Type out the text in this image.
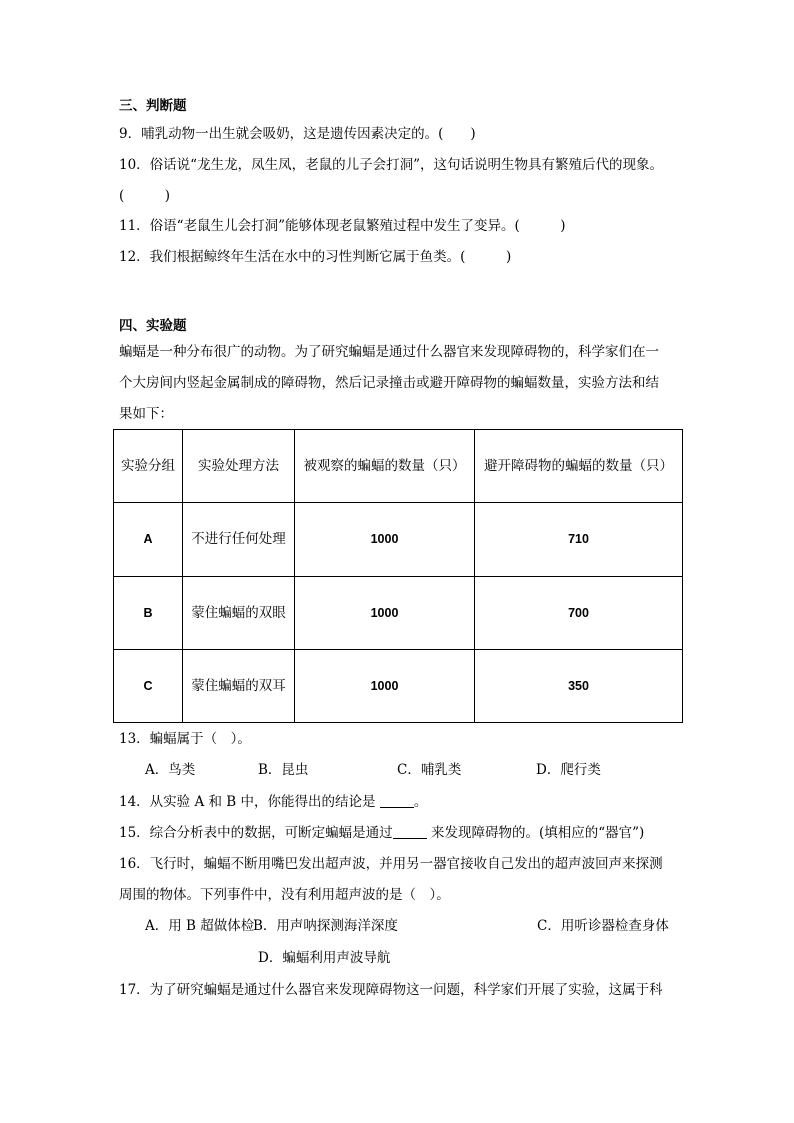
三、判断题
9．哺乳动物一出生就会吸奶，这是遗传因素决定的。(　　)
10．俗话说“龙生龙，凤生凤，老鼠的儿子会打洞”，这句话说明生物具有繁殖后代的现象。
(　　　)
11．俗语“老鼠生儿会打洞”能够体现老鼠繁殖过程中发生了变异。(　　　)
12．我们根据鲸终年生活在水中的习性判断它属于鱼类。(　　　)
四、实验题
蝙蝠是一种分布很广的动物。为了研究蝙蝠是通过什么器官来发现障碍物的，科学家们在一
个大房间内竖起金属制成的障碍物，然后记录撞击或避开障碍物的蝙蝠数量，实验方法和结
果如下：
实验分组	实验处理方法	被观察的蝙蝠的数量（只）	避开障碍物的蝙蝠的数量（只）
A	不进行任何处理	1000	710
B	蒙住蝙蝠的双眼	1000	700
C	蒙住蝙蝠的双耳	1000	350
13．蝙蝠属于（　）。
A．鸟类	B．昆虫	C．哺乳类	D．爬行类
14．从实验 A 和 B 中，你能得出的结论是	。
15．综合分析表中的数据，可断定蝙蝠是通过	来发现障碍物的。(填相应的“器官”)
16．飞行时，蝙蝠不断用嘴巴发出超声波，并用另一器官接收自己发出的超声波回声来探测
周围的物体。下列事件中，没有利用超声波的是（　）。
A．用 B 超做体检
B．用声呐探测海洋深度	C．用听诊器检查身体
D．蝙蝠利用声波导航
17．为了研究蝙蝠是通过什么器官来发现障碍物这一问题，科学家们开展了实验，这属于科
